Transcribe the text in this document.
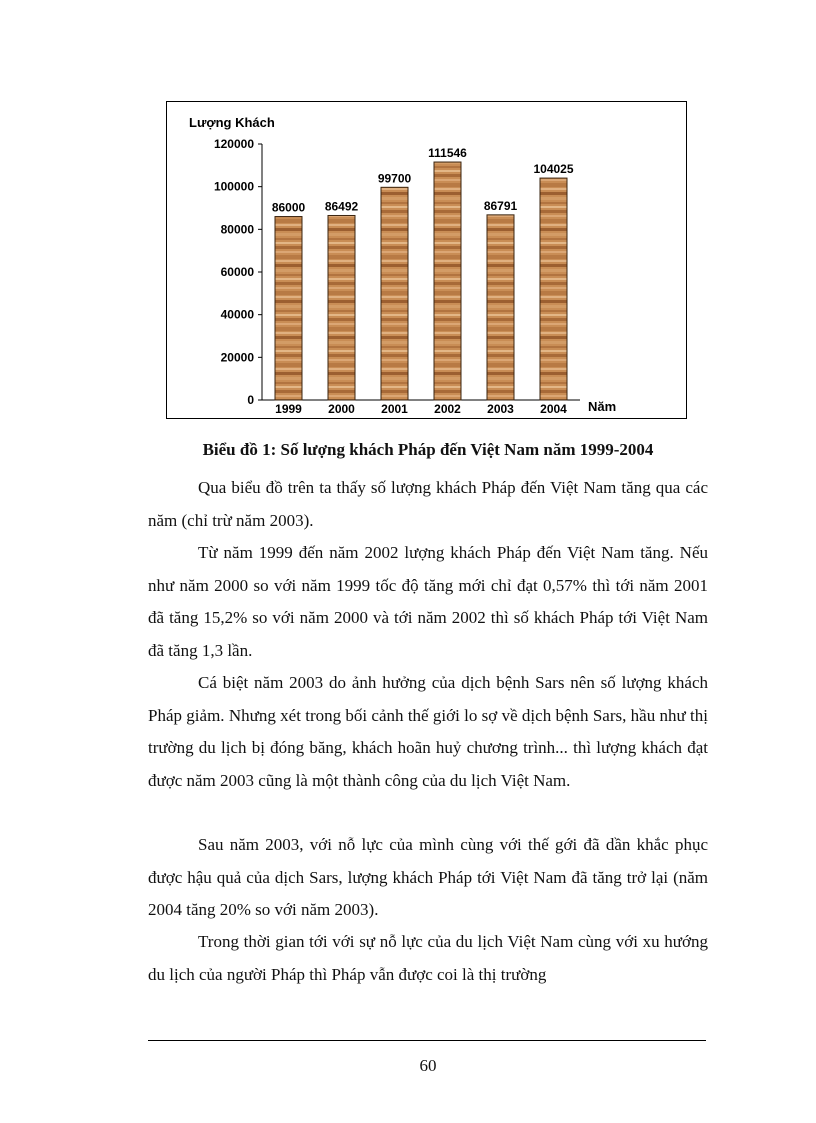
Lượng Khách
Năm
0
20000
40000
60000
80000
100000
120000
86000
1999
86492
2000
99700
2001
111546
2002
86791
2003
104025
2004
Biểu đồ 1: Số lượng khách Pháp đến Việt Nam năm 1999-2004

Qua biểu đồ trên ta thấy số lượng khách Pháp đến Việt Nam tăng qua các năm (chỉ trừ năm 2003).

Từ năm 1999 đến năm 2002 lượng khách Pháp đến Việt Nam tăng. Nếu như năm 2000 so với năm 1999 tốc độ tăng mới chỉ đạt 0,57% thì tới năm 2001 đã tăng 15,2% so với năm 2000 và tới năm 2002 thì số khách Pháp tới Việt Nam đã tăng 1,3 lần.

Cá biệt năm 2003 do ảnh hưởng của dịch bệnh Sars nên số lượng khách Pháp giảm. Nhưng xét trong bối cảnh thế giới lo sợ về dịch bệnh Sars, hầu như thị trường du lịch bị đóng băng, khách hoãn huỷ chương trình... thì lượng khách đạt được năm 2003 cũng là một thành công của du lịch Việt Nam.

Sau năm 2003, với nỗ lực của mình cùng với thế gới đã dần khắc phục được hậu quả của dịch Sars, lượng khách Pháp tới Việt Nam đã tăng trở lại (năm 2004 tăng 20% so với năm 2003).

Trong thời gian tới với sự nỗ lực của du lịch Việt Nam cùng với xu hướng du lịch của người Pháp thì Pháp vẫn được coi là thị trường

60
